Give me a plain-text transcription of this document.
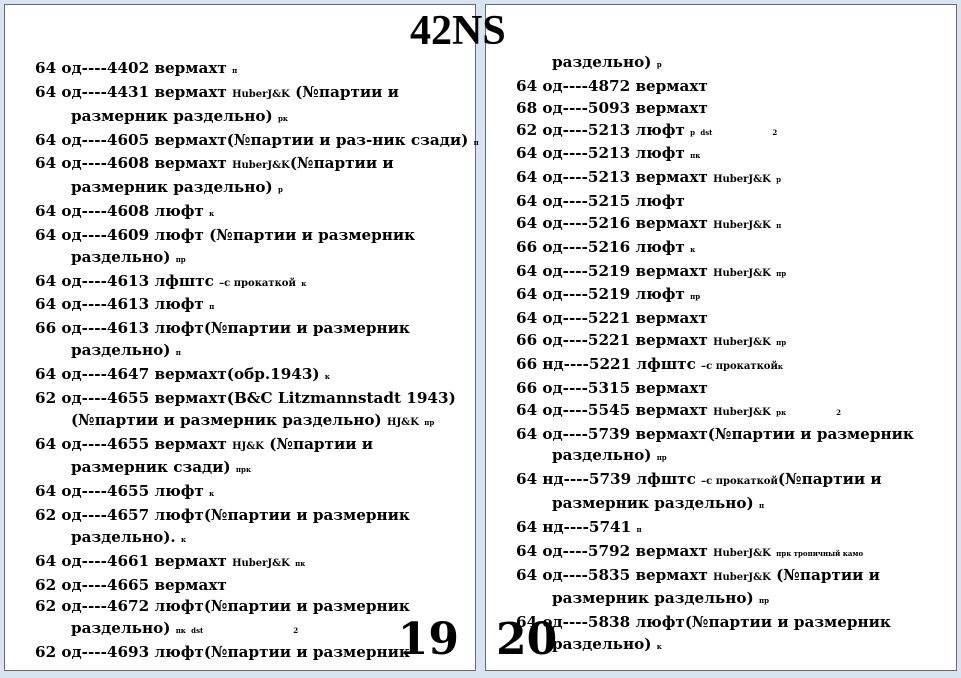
42NS
64 од----4402 вермахт п
64 од----4431 вермахт HuberJ&K (№партии и
размерник раздельно) рк
64 од----4605 вермахт(№партии и раз-ник сзади) п
64 од----4608 вермахт HuberJ&K(№партии и
размерник раздельно) р
64 од----4608 люфт к
64 од----4609 люфт (№партии и размерник
раздельно) пр
64 од----4613 лфштс –с прокаткой к
64 од----4613 люфт п
66 од----4613 люфт(№партии и размерник
раздельно) п
64 од----4647 вермахт(обр.1943) к
62 од----4655 вермахт(B&C Litzmannstadt 1943)
(№партии и размерник раздельно) HJ&K пр
64 од----4655 вермахт HJ&K (№партии и
размерник сзади) прк
64 од----4655 люфт к
62 од----4657 люфт(№партии и размерник
раздельно). к
64 од----4661 вермахт HuberJ&K пк
62 од----4665 вермахт
62 од----4672 люфт(№партии и размерник
раздельно) пк dst	2
62 од----4693 люфт(№партии и размерник
19
раздельно) р
64 од----4872 вермахт
68 од----5093 вермахт
62 од----5213 люфт р dst	2
64 од----5213 люфт пк
64 од----5213 вермахт HuberJ&K р
64 од----5215 люфт
64 од----5216 вермахт HuberJ&K п
66 од----5216 люфт к
64 од----5219 вермахт HuberJ&K пр
64 од----5219 люфт пр
64 од----5221 вермахт
66 од----5221 вермахт HuberJ&K пр
66 нд----5221 лфштс –с прокаткойк
66 од----5315 вермахт
64 од----5545 вермахт HuberJ&K рк	2
64 од----5739 вермахт(№партии и размерник
раздельно) пр
64 нд----5739 лфштс –с прокаткой(№партии и
размерник раздельно) п
64 нд----5741 п
64 од----5792 вермахт HuberJ&K прк тропичный камо
64 од----5835 вермахт HuberJ&K (№партии и
размерник раздельно) пр
64 од----5838 люфт(№партии и размерник
раздельно) к
20
